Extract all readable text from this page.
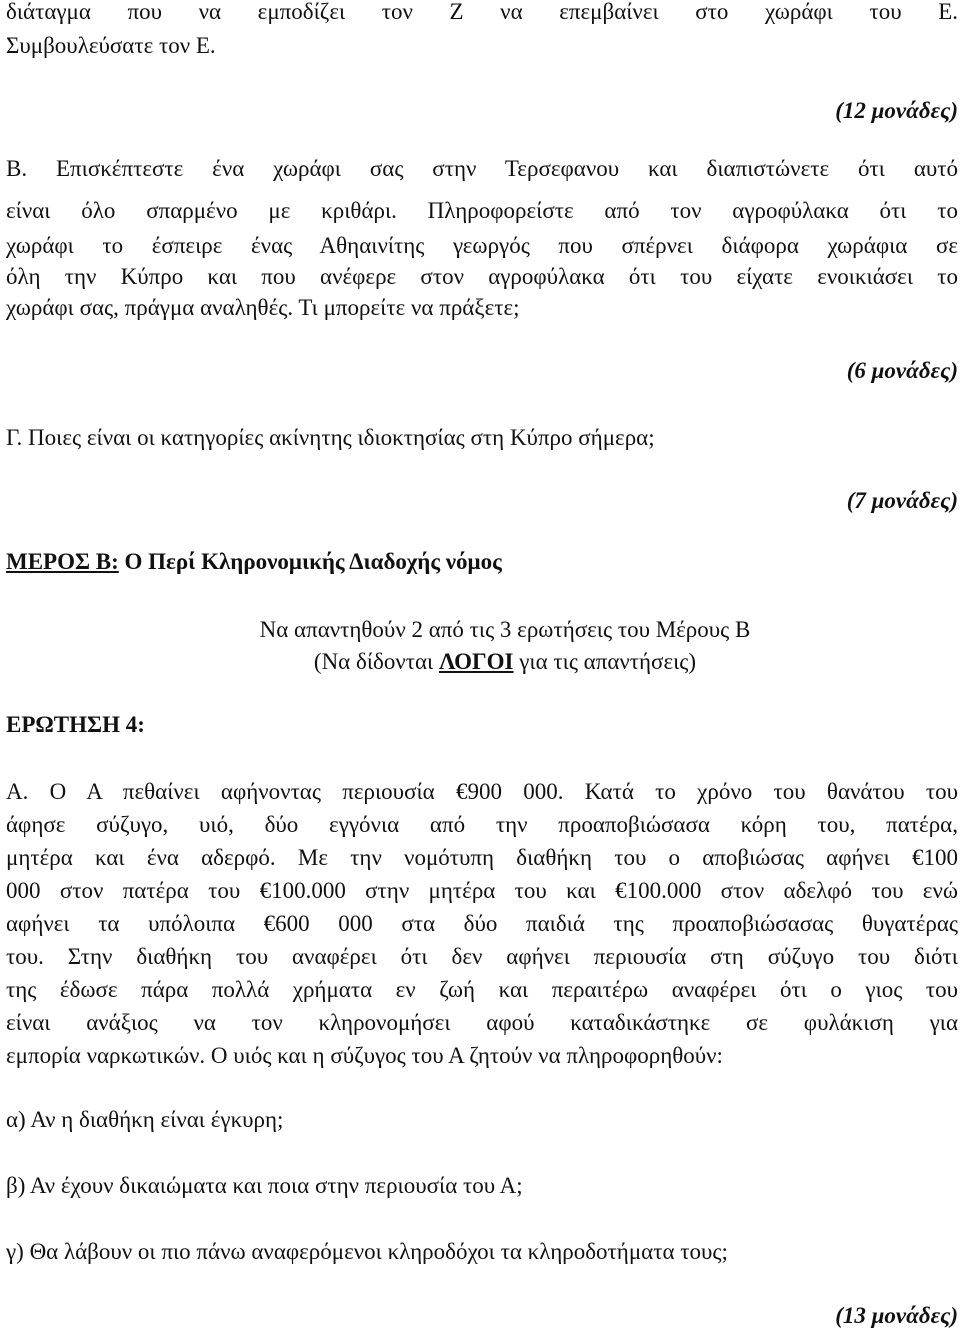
διάταγμα που να εμποδίζει τον Ζ να επεμβαίνει στο χωράφι του Ε.
Συμβουλεύσατε τον Ε.
(12 μονάδες)
Β. Επισκέπτεστε ένα χωράφι σας στην Τερσεφανου και διαπιστώνετε ότι αυτό
είναι όλο σπαρμένο με κριθάρι. Πληροφορείστε από τον αγροφύλακα ότι το
χωράφι το έσπειρε ένας Αθηαινίτης γεωργός που σπέρνει διάφορα χωράφια σε
όλη την Κύπρο και που ανέφερε στον αγροφύλακα ότι του είχατε ενοικιάσει το
χωράφι σας, πράγμα αναληθές. Τι μπορείτε να πράξετε;
(6 μονάδες)
Γ. Ποιες είναι οι κατηγορίες ακίνητης ιδιοκτησίας στη Κύπρο σήμερα;
(7 μονάδες)
ΜΕΡΟΣ Β: Ο Περί Κληρονομικής Διαδοχής νόμος
Να απαντηθούν 2 από τις 3 ερωτήσεις του Μέρους Β
(Να δίδονται ΛΟΓΟΙ για τις απαντήσεις)
ΕΡΩΤΗΣΗ 4:
Α. Ο Α πεθαίνει αφήνοντας περιουσία €900 000. Κατά το χρόνο του θανάτου του
άφησε σύζυγο, υιό, δύο εγγόνια από την προαποβιώσασα κόρη του, πατέρα,
μητέρα και ένα αδερφό. Με την νομότυπη διαθήκη του ο αποβιώσας αφήνει €100
000 στον πατέρα του €100.000 στην μητέρα του και €100.000 στον αδελφό του ενώ
αφήνει τα υπόλοιπα €600 000 στα δύο παιδιά της προαποβιώσασας θυγατέρας
του. Στην διαθήκη του αναφέρει ότι δεν αφήνει περιουσία στη σύζυγο του διότι
της έδωσε πάρα πολλά χρήματα εν ζωή και περαιτέρω αναφέρει ότι ο γιος του
είναι ανάξιος να τον κληρονομήσει αφού καταδικάστηκε σε φυλάκιση για
εμπορία ναρκωτικών. Ο υιός και η σύζυγος του Α ζητούν να πληροφορηθούν:
α) Αν η διαθήκη είναι έγκυρη;
β) Αν έχουν δικαιώματα και ποια στην περιουσία του Α;
γ) Θα λάβουν οι πιο πάνω αναφερόμενοι κληροδόχοι τα κληροδοτήματα τους;
(13 μονάδες)
